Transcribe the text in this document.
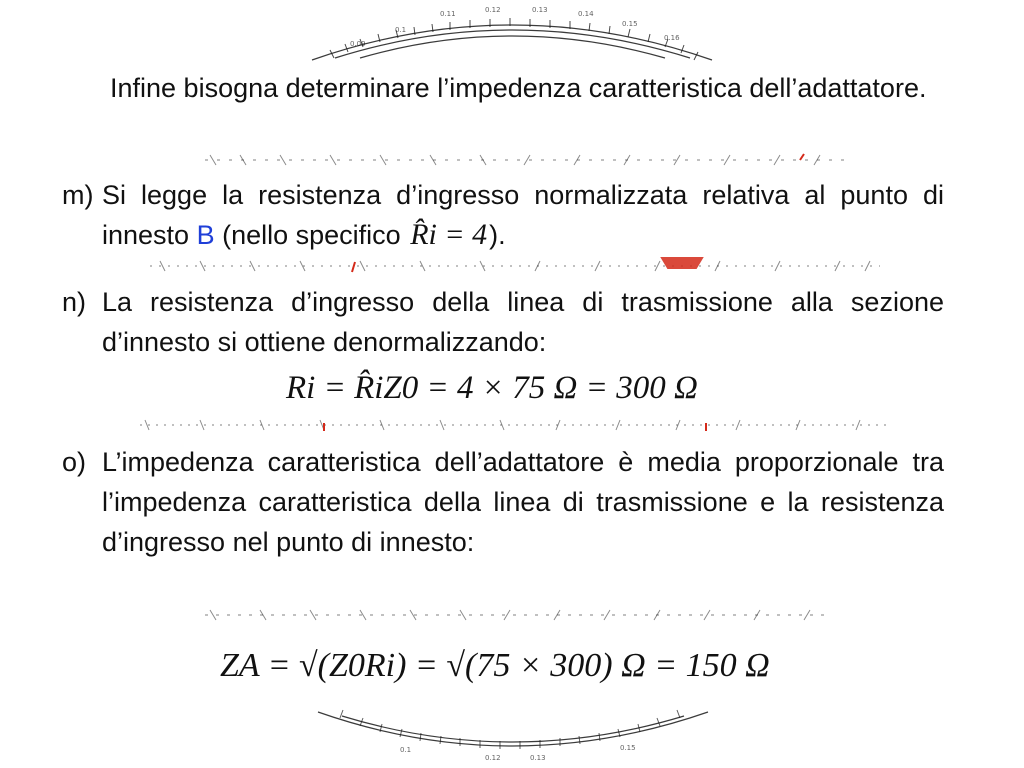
0.09
0.1
0.11	0.12	0.13	0.14
0.15
0.16
0.1
0.12	0.13
0.15
Infine bisogna determinare l’impedenza caratteristica dell’adattatore.
m) Si legge la resistenza d’ingresso normalizzata relativa al punto di innesto B (nello specifico R̂i = 4).
n) La resistenza d’ingresso della linea di trasmissione alla sezione d’innesto si ottiene denormalizzando:
Ri = R̂iZ0 = 4 × 75 Ω = 300 Ω
o) L’impedenza caratteristica dell’adattatore è media proporzionale tra l’impedenza caratteristica della linea di trasmissione e la resistenza d’ingresso nel punto di innesto:
ZA = √(Z0Ri) = √(75 × 300) Ω = 150 Ω
